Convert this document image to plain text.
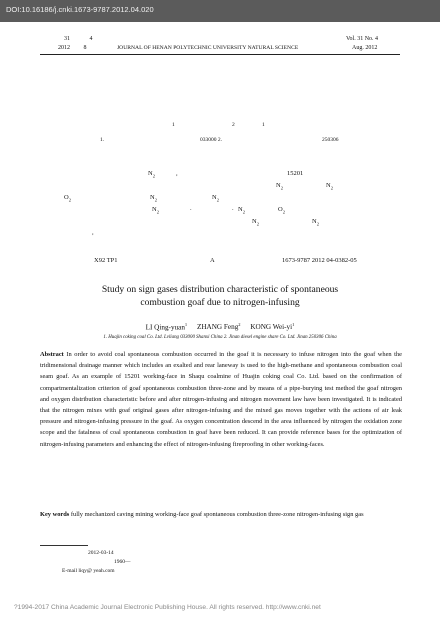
DOI:10.16186/j.cnki.1673-9787.2012.04.020
31	4
2012 8	JOURNAL OF HENAN POLYTECHNIC UNIVERSITY NATURAL SCIENCE
Vol. 31 No. 4
Aug. 2012
1	2	1
1.	033000 2.	250306
$N_2$	,	15201
$N_2$	$N_2$
$O_2$	$N_2$
$N_2$
$N_2$	.	. $N_2$	$O_2$
$N_2$	$N_2$
,
X92 TP1	A	1673-9787 2012 04-0382-05
Study on sign gases distribution characteristic of spontaneous combustion goaf due to nitrogen-infusing
LI Qing-yuan$^1$ ZHANG Feng$^2$ KONG Wei-$yi^1$
1. Huajin coking coal Co. Ltd. Lvliang 033000 Shanxi China 2. Jinan diesel engine share Co. Ltd. Jinan 250306 China
Abstract In order to avoid coal spontaneous combustion occurred in the goaf it is necessary to infuse nitrogen into the goaf when the tridimensional drainage manner which includes an exalted and rear laneway is used to the high-methane and spontaneous combustion coal seam goaf. As an example of 15201 working-face in Shaqu coalmine of Huajin coking coal Co. Ltd. based on the confirmation of compartmentalization criterion of goaf spontaneous combustion three-zone and by means of a pipe-burying test method the goaf nitrogen and oxygen distribution characteristic before and after nitrogen-infusing and nitrogen movement law have been investigated. It is indicated that the nitrogen mixes with goaf original gases after nitrogen-infusing and the mixed gas moves together with the actions of air leak pressure and nitrogen-infusing pressure in the goaf. As oxygen concentration descend in the area influenced by nitrogen the oxidation zone scope and the fatalness of coal spontaneous combustion in goaf have been reduced. It can provide reference bases for the optimization of nitrogen-infusing parameters and enhancing the effect of nitrogen-infusing fireproofing in other working-faces.
Key words fully mechanized caving mining working-face goaf spontaneous combustion three-zone nitrogen-infusing sign gas
2012-03-14
1960—
E-mail liqy@ yeah.com
?1994-2017 China Academic Journal Electronic Publishing House. All rights reserved. http://www.cnki.net
